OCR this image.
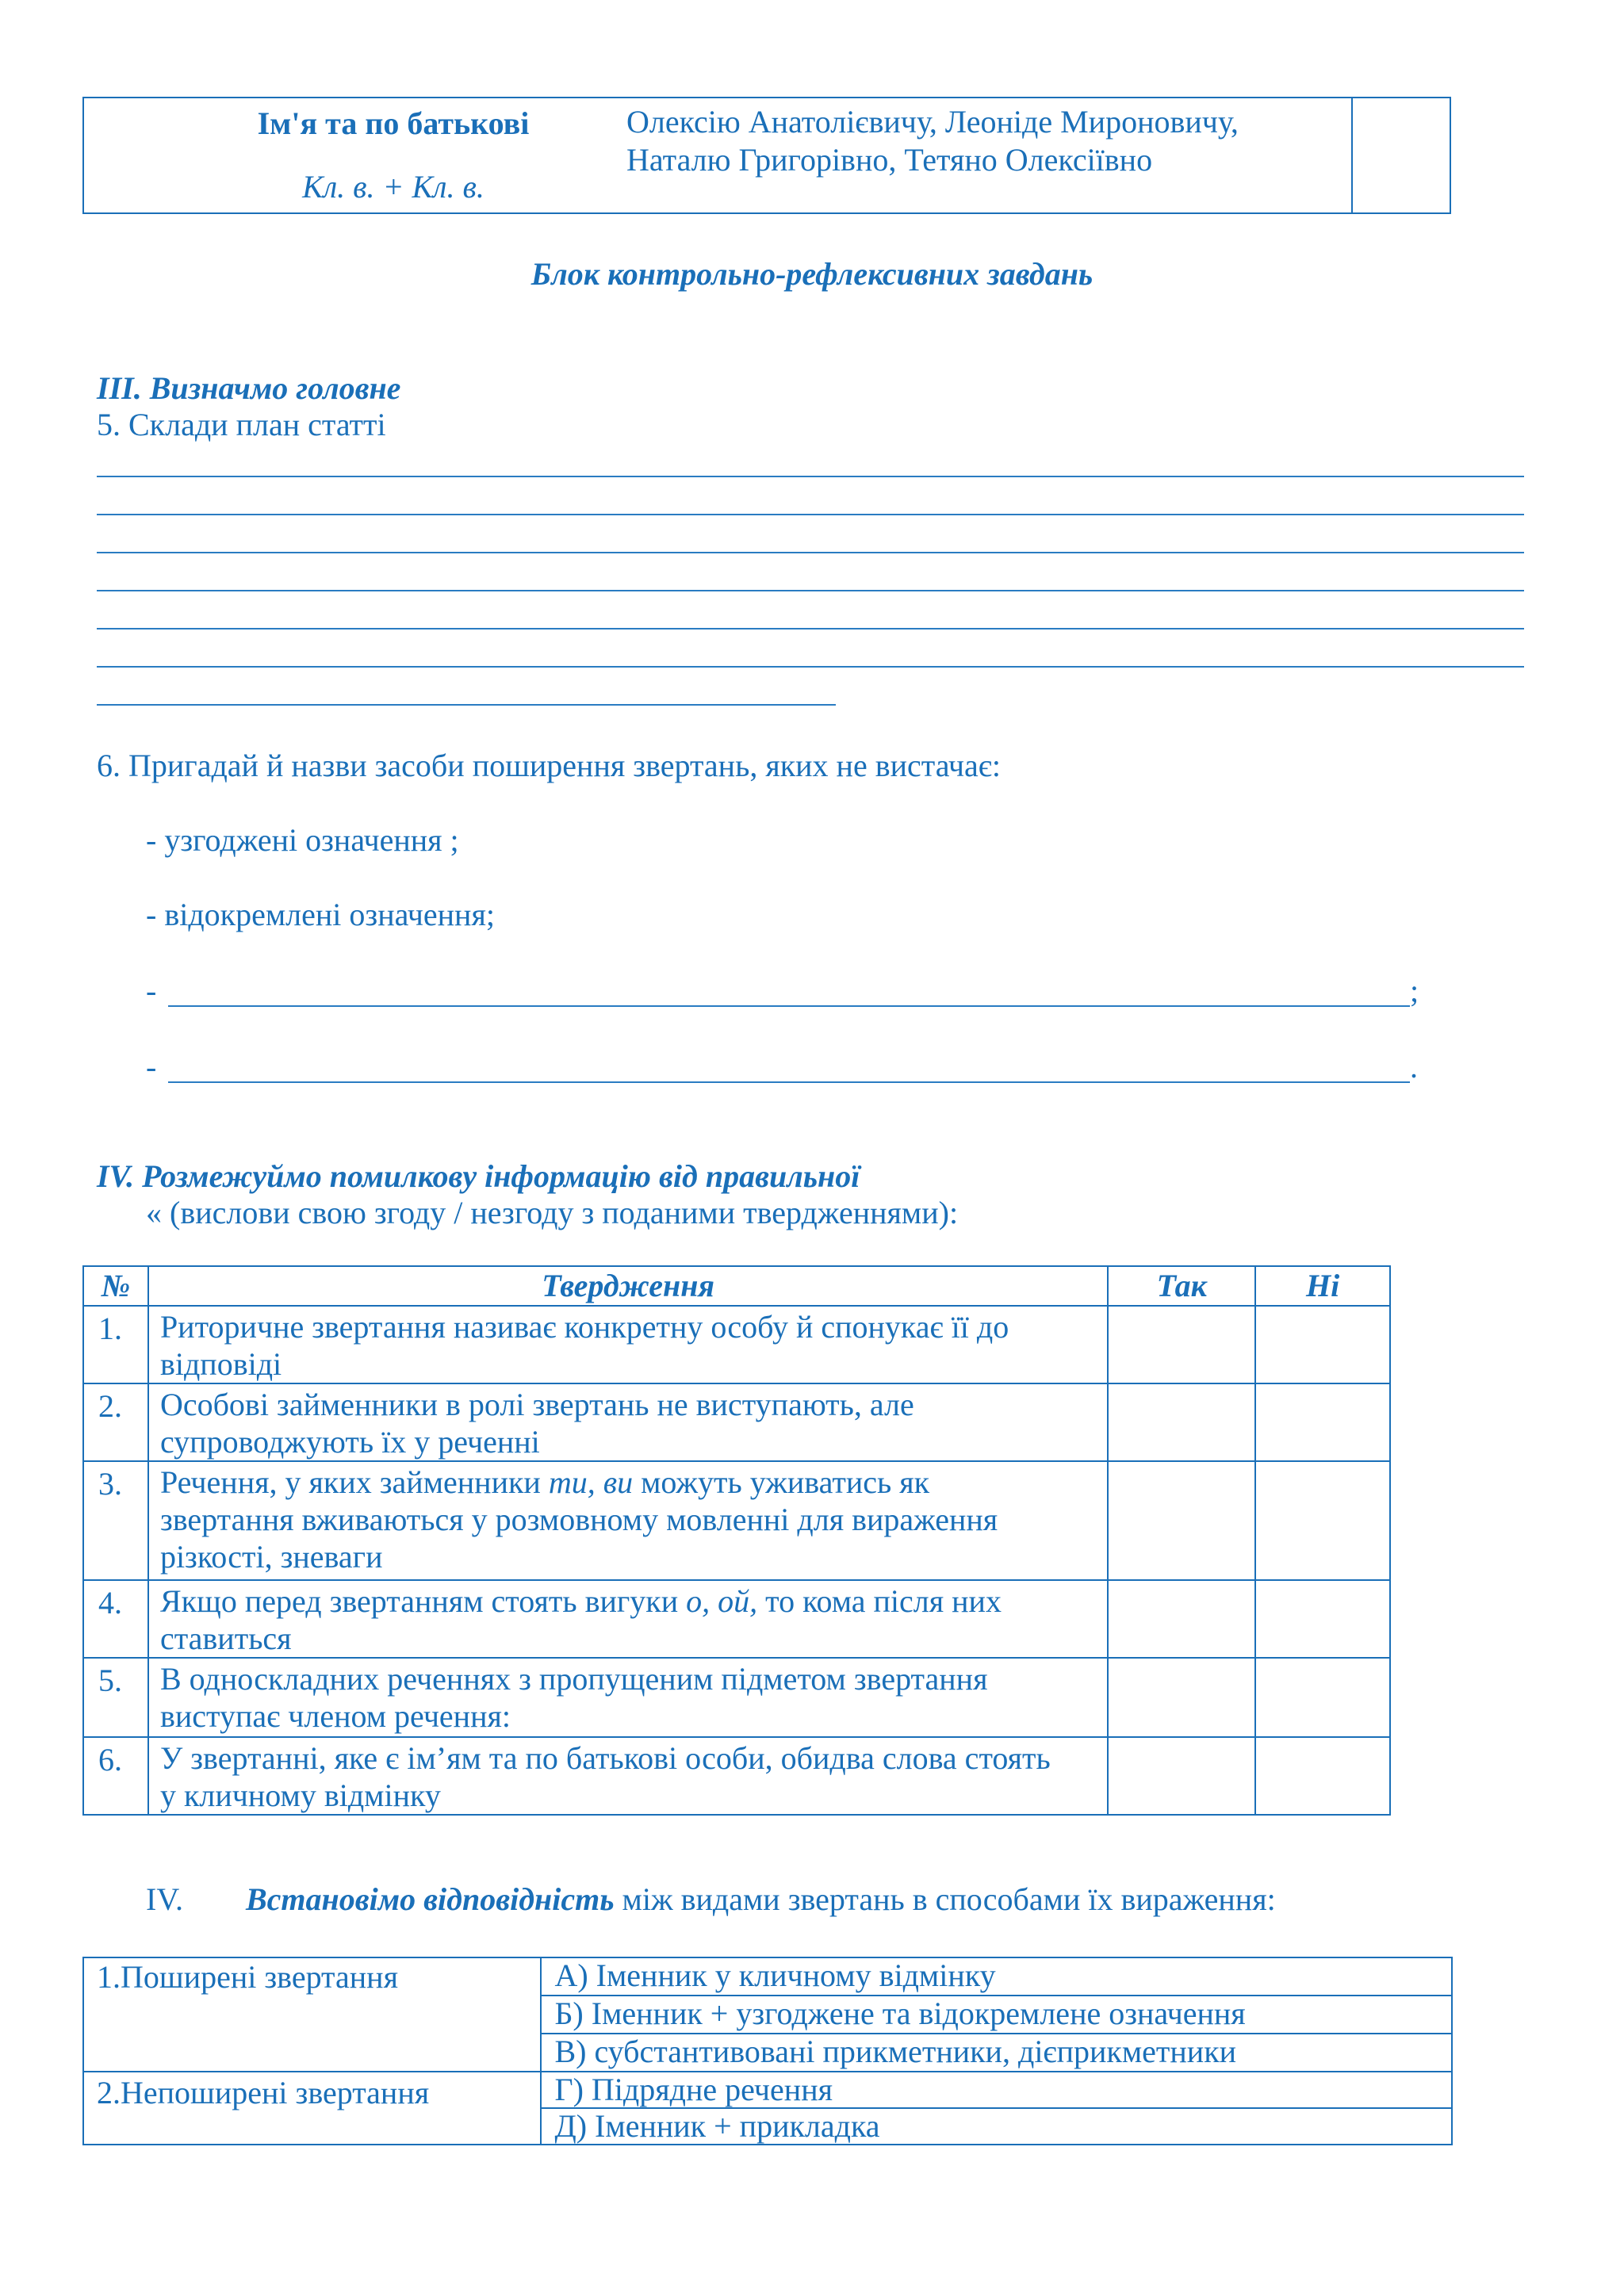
Ім'я та по батькові
Кл. в. + Кл. в.
Олексію Анатолієвичу, Леоніде Мироновичу,
Наталю Григорівно, Тетяно Олексіївно
Блок контрольно-рефлексивних завдань
ІІІ. Визначмо головне
5. Склади план статті
6. Пригадай й назви засоби поширення звертань, яких не вистачає:
- узгоджені означення ;
- відокремлені означення;
-	;
-	.
IV. Розмежуймо помилкову інформацію від правильної
« (вислови свою згоду / незгоду з поданими твердженнями):
№	Твердження	Так	Ні

1.	Риторичне звертання називає конкретну особу й спонукає її до
відповіді		

2.	Особові займенники в ролі звертань не виступають, але
супроводжують їх у реченні		

3.	Речення, у яких займенники ти, ви можуть уживатись як
звертання вживаються у розмовному мовленні для вираження
різкості, зневаги		

4.	Якщо перед звертанням стоять вигуки о, ой, то кома після них
ставиться		

5.	В односкладних реченнях з пропущеним підметом звертання
виступає членом речення:		

6.	У звертанні, яке є ім’ям та по батькові особи, обидва слова стоять
у кличному відмінку		

IV. Встановімо відповідність між видами звертань в способами їх вираження:
1.Поширені звертання	А) Іменник у кличному відмінку

	Б) Іменник + узгоджене та відокремлене означення

	В) субстантивовані прикметники, дієприкметники

2.Непоширені звертання	Г) Підрядне речення

	Д) Іменник + прикладка
